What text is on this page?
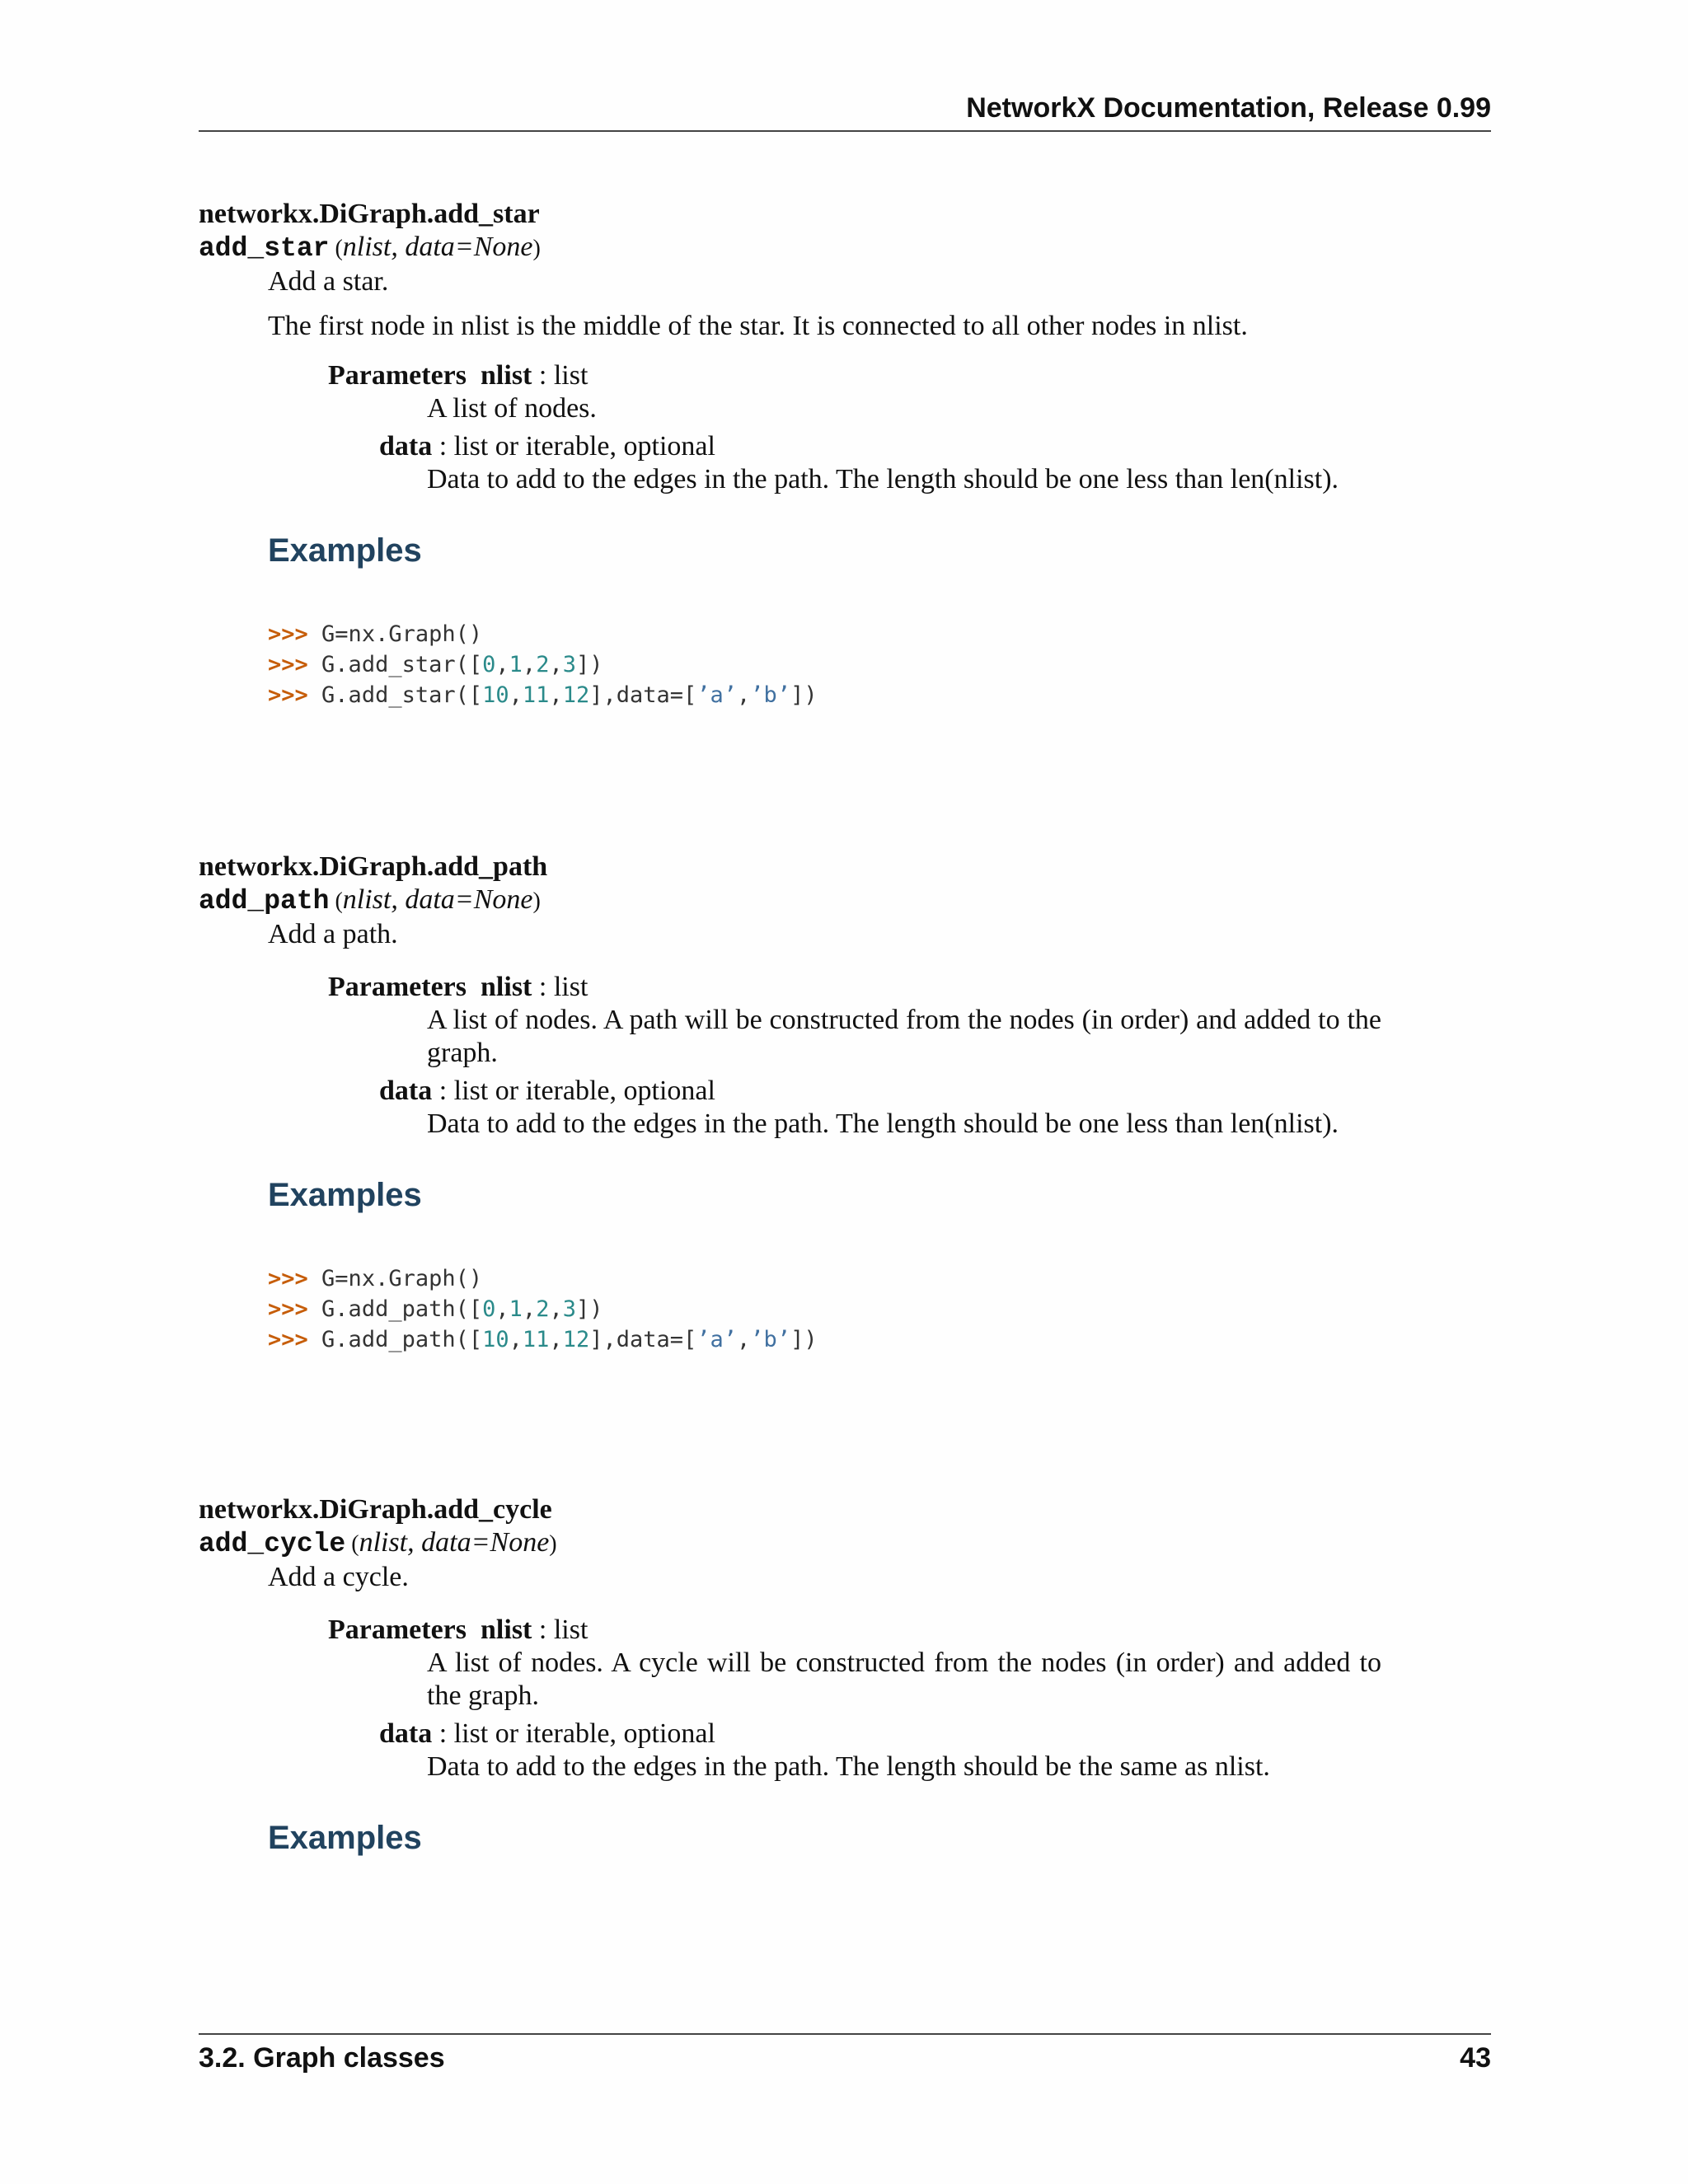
NetworkX Documentation, Release 0.99
networkx.DiGraph.add_star
add_star (nlist, data=None)
Add a star.
The first node in nlist is the middle of the star. It is connected to all other nodes in nlist.
Parameters nlist : list
A list of nodes.
data : list or iterable, optional
Data to add to the edges in the path. The length should be one less than len(nlist).
Examples
>>> G=nx.Graph()
>>> G.add_star([0,1,2,3])
>>> G.add_star([10,11,12],data=[’a’,’b’])
networkx.DiGraph.add_path
add_path (nlist, data=None)
Add a path.
Parameters nlist : list
A list of nodes. A path will be constructed from the nodes (in order) and added to the graph.
data : list or iterable, optional
Data to add to the edges in the path. The length should be one less than len(nlist).
Examples
>>> G=nx.Graph()
>>> G.add_path([0,1,2,3])
>>> G.add_path([10,11,12],data=[’a’,’b’])
networkx.DiGraph.add_cycle
add_cycle (nlist, data=None)
Add a cycle.
Parameters nlist : list
A list of nodes. A cycle will be constructed from the nodes (in order) and added to the graph.
data : list or iterable, optional
Data to add to the edges in the path. The length should be the same as nlist.
Examples
3.2. Graph classes	43
